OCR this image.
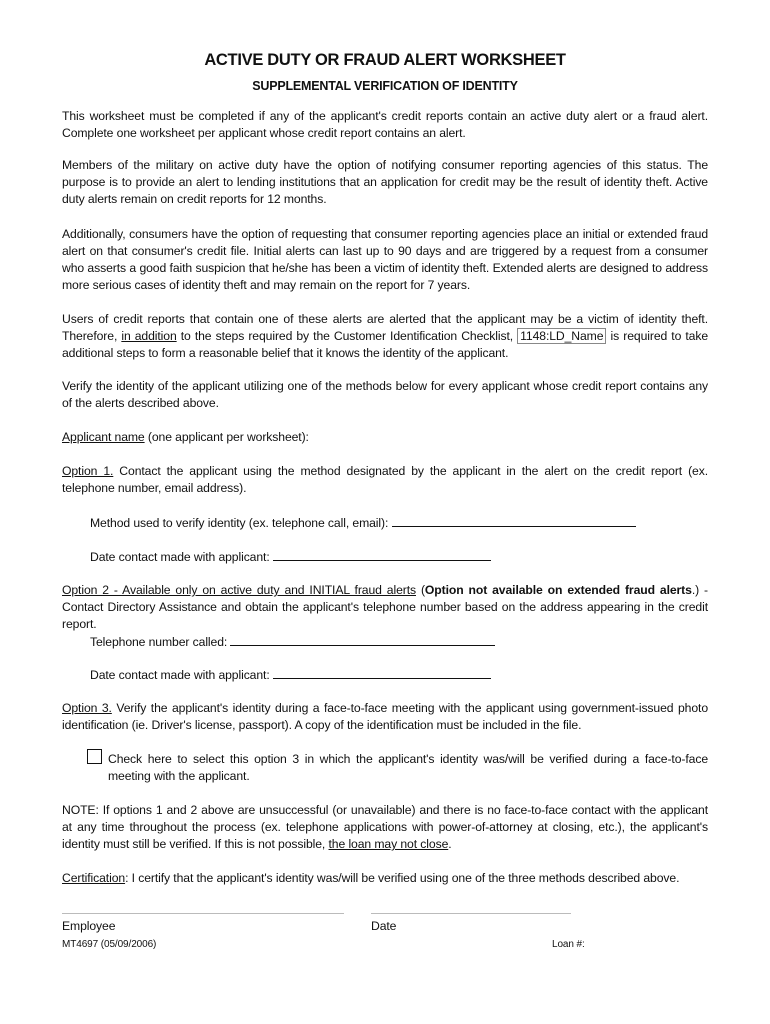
ACTIVE DUTY OR FRAUD ALERT WORKSHEET
SUPPLEMENTAL VERIFICATION OF IDENTITY
This worksheet must be completed if any of the applicant's credit reports contain an active duty alert or a fraud alert. Complete one worksheet per applicant whose credit report contains an alert.
Members of the military on active duty have the option of notifying consumer reporting agencies of this status. The purpose is to provide an alert to lending institutions that an application for credit may be the result of identity theft. Active duty alerts remain on credit reports for 12 months.
Additionally, consumers have the option of requesting that consumer reporting agencies place an initial or extended fraud alert on that consumer's credit file. Initial alerts can last up to 90 days and are triggered by a request from a consumer who asserts a good faith suspicion that he/she has been a victim of identity theft. Extended alerts are designed to address more serious cases of identity theft and may remain on the report for 7 years.
Users of credit reports that contain one of these alerts are alerted that the applicant may be a victim of identity theft. Therefore, in addition to the steps required by the Customer Identification Checklist, 1148:LD_Name is required to take additional steps to form a reasonable belief that it knows the identity of the applicant.
Verify the identity of the applicant utilizing one of the methods below for every applicant whose credit report contains any of the alerts described above.
Applicant name (one applicant per worksheet):
Option 1. Contact the applicant using the method designated by the applicant in the alert on the credit report (ex. telephone number, email address).
Method used to verify identity (ex. telephone call, email):
Date contact made with applicant:
Option 2 - Available only on active duty and INITIAL fraud alerts (Option not available on extended fraud alerts.) - Contact Directory Assistance and obtain the applicant's telephone number based on the address appearing in the credit report.
Telephone number called:
Date contact made with applicant:
Option 3. Verify the applicant's identity during a face-to-face meeting with the applicant using government-issued photo identification (ie. Driver's license, passport). A copy of the identification must be included in the file.
Check here to select this option 3 in which the applicant's identity was/will be verified during a face-to-face meeting with the applicant.
NOTE: If options 1 and 2 above are unsuccessful (or unavailable) and there is no face-to-face contact with the applicant at any time throughout the process (ex. telephone applications with power-of-attorney at closing, etc.), the applicant's identity must still be verified. If this is not possible, the loan may not close.
Certification: I certify that the applicant's identity was/will be verified using one of the three methods described above.
Employee	Date
MT4697 (05/09/2006)	Loan #:
